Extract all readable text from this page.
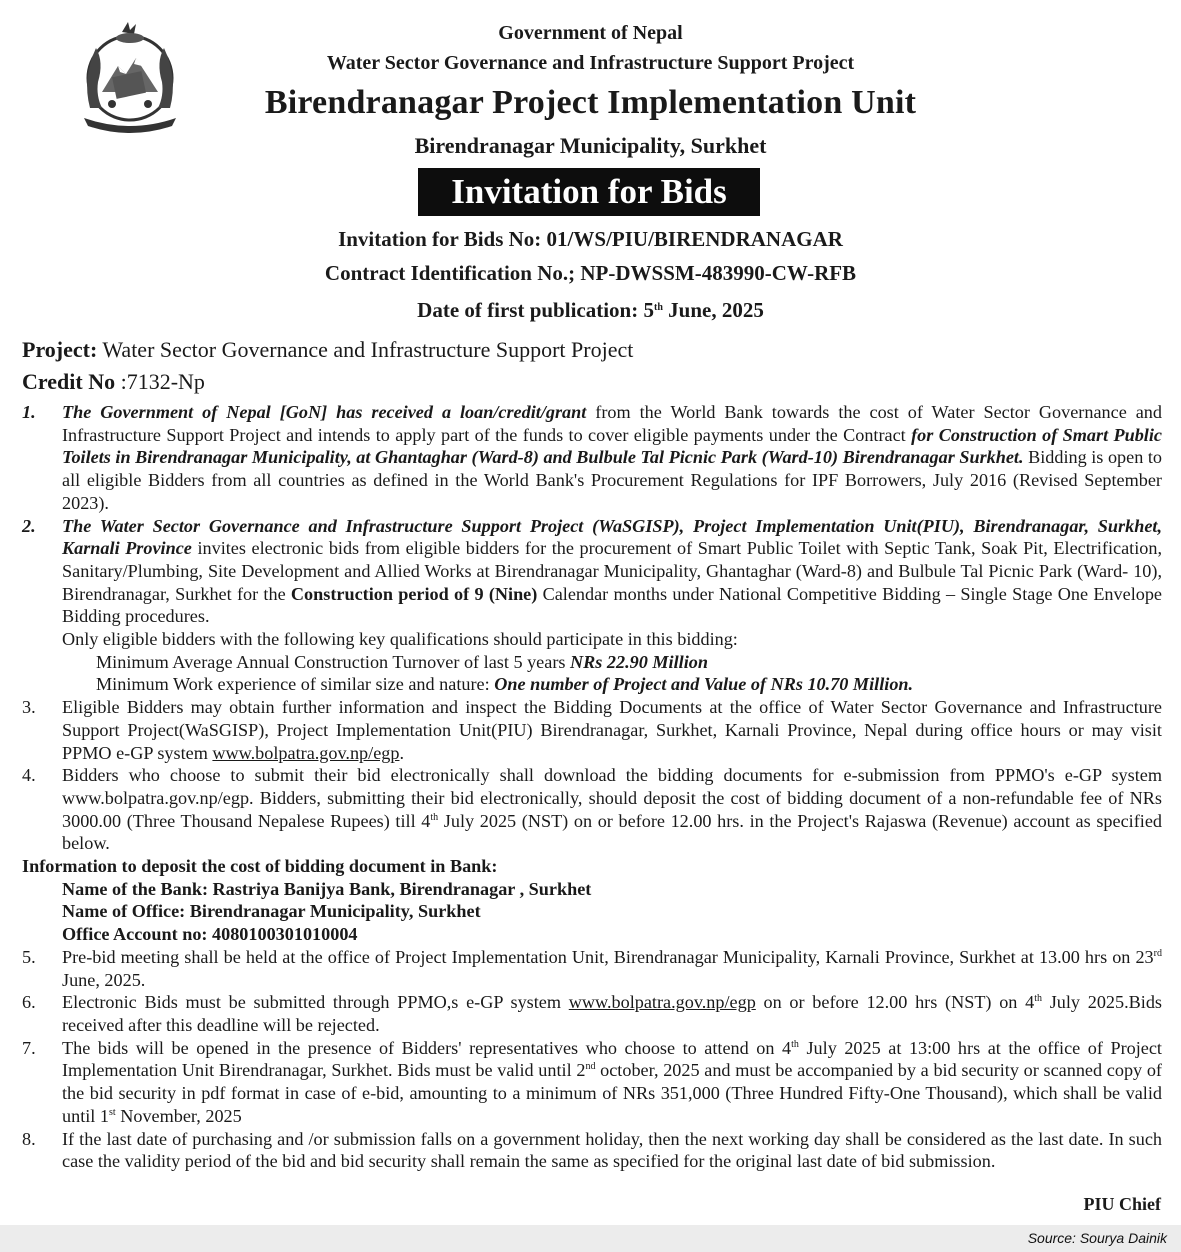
Government of Nepal
Water Sector Governance and Infrastructure Support Project
Birendranagar Project Implementation Unit
Birendranagar Municipality, Surkhet
Invitation for Bids
Invitation for Bids No: 01/WS/PIU/BIRENDRANAGAR
Contract Identification No.; NP-DWSSM-483990-CW-RFB
Date of first publication: 5th June, 2025
Project: Water Sector Governance and Infrastructure Support Project
Credit No :7132-Np
1.	The Government of Nepal [GoN] has received a loan/credit/grant from the World Bank towards the cost of Water Sector Governance and Infrastructure Support Project and intends to apply part of the funds to cover eligible payments under the Contract for Construction of Smart Public Toilets in Birendranagar Municipality, at Ghantaghar (Ward-8) and Bulbule Tal Picnic Park (Ward-10) Birendranagar Surkhet. Bidding is open to all eligible Bidders from all countries as defined in the World Bank's Procurement Regulations for IPF Borrowers, July 2016 (Revised September 2023).
2.	The Water Sector Governance and Infrastructure Support Project (WaSGISP), Project Implementation Unit(PIU), Birendranagar, Surkhet, Karnali Province invites electronic bids from eligible bidders for the procurement of Smart Public Toilet with Septic Tank, Soak Pit, Electrification, Sanitary/Plumbing, Site Development and Allied Works at Birendranagar Municipality, Ghantaghar (Ward-8) and Bulbule Tal Picnic Park (Ward- 10), Birendranagar, Surkhet for the Construction period of 9 (Nine) Calendar months under National Competitive Bidding – Single Stage One Envelope Bidding procedures.
Only eligible bidders with the following key qualifications should participate in this bidding:
Minimum Average Annual Construction Turnover of last 5 years NRs 22.90 Million
Minimum Work experience of similar size and nature: One number of Project and Value of NRs 10.70 Million.
3.	Eligible Bidders may obtain further information and inspect the Bidding Documents at the office of Water Sector Governance and Infrastructure Support Project(WaSGISP), Project Implementation Unit(PIU) Birendranagar, Surkhet, Karnali Province, Nepal during office hours or may visit PPMO e-GP system www.bolpatra.gov.np/egp.
4.	Bidders who choose to submit their bid electronically shall download the bidding documents for e-submission from PPMO's e-GP system www.bolpatra.gov.np/egp. Bidders, submitting their bid electronically, should deposit the cost of bidding document of a non-refundable fee of NRs 3000.00 (Three Thousand Nepalese Rupees) till 4th July 2025 (NST) on or before 12.00 hrs. in the Project's Rajaswa (Revenue) account as specified below.
Information to deposit the cost of bidding document in Bank:
Name of the Bank: Rastriya Banijya Bank, Birendranagar , Surkhet
Name of Office: Birendranagar Municipality, Surkhet
Office Account no: 4080100301010004
5.	Pre-bid meeting shall be held at the office of Project Implementation Unit, Birendranagar Municipality, Karnali Province, Surkhet at 13.00 hrs on 23rd June, 2025.
6.	Electronic Bids must be submitted through PPMO,s e-GP system www.bolpatra.gov.np/egp on or before 12.00 hrs (NST) on 4th July 2025.Bids received after this deadline will be rejected.
7.	The bids will be opened in the presence of Bidders' representatives who choose to attend on 4th July 2025 at 13:00 hrs at the office of Project Implementation Unit Birendranagar, Surkhet. Bids must be valid until 2nd october, 2025 and must be accompanied by a bid security or scanned copy of the bid security in pdf format in case of e-bid, amounting to a minimum of NRs 351,000 (Three Hundred Fifty-One Thousand), which shall be valid until 1st November, 2025
8.	If the last date of purchasing and /or submission falls on a government holiday, then the next working day shall be considered as the last date. In such case the validity period of the bid and bid security shall remain the same as specified for the original last date of bid submission.
PIU Chief
Source: Sourya Dainik
